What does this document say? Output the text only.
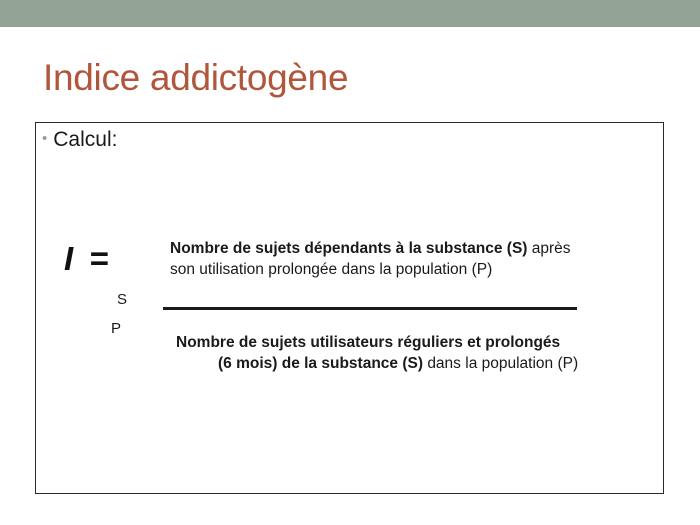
Indice addictogène
• Calcul:
I =
S
P
Nombre de sujets dépendants à la substance (S) après son utilisation prolongée dans la population (P)
Nombre de sujets utilisateurs réguliers et prolongés(6 mois) de la substance (S) dans la population (P)
